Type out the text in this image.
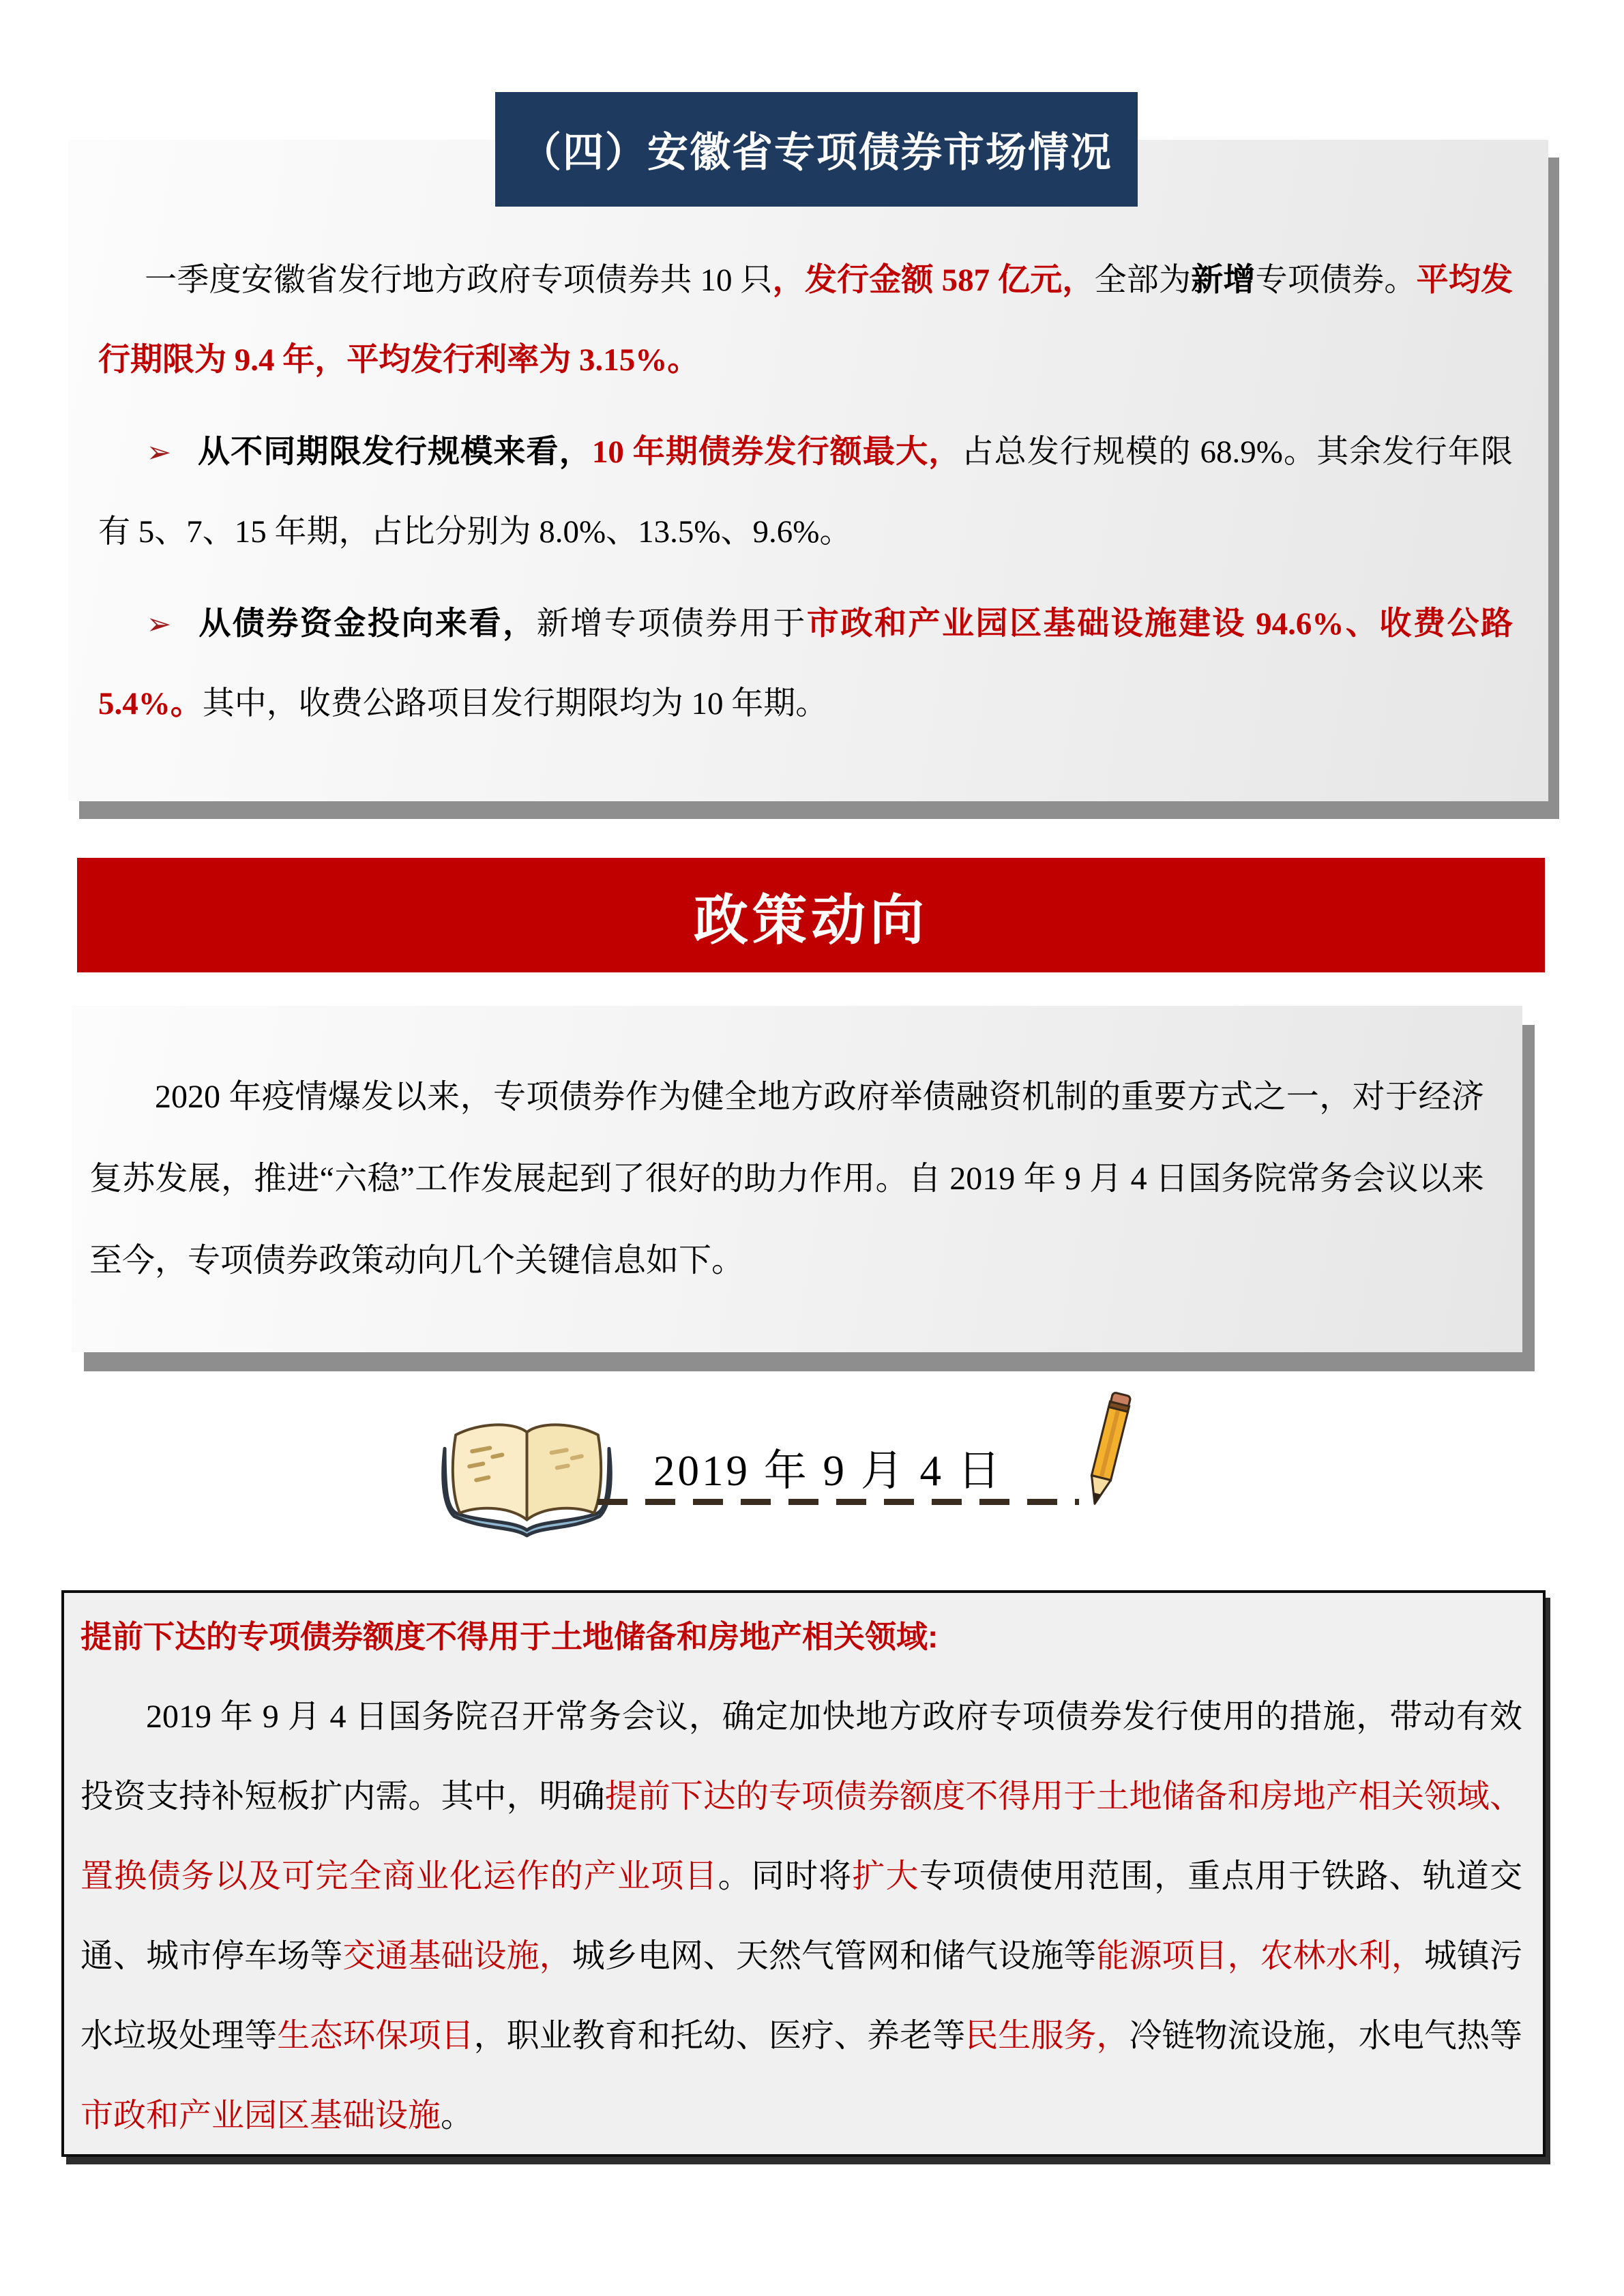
（四）安徽省专项债券市场情况

一季度安徽省发行地方政府专项债券共 10 只，发行金额 587 亿元，全部为新增专项债券。平均发行期限为 9.4 年，平均发行利率为 3.15%。

➢ 从不同期限发行规模来看，10 年期债券发行额最大，占总发行规模的 68.9%。其余发行年限有 5、7、15 年期，占比分别为 8.0%、13.5%、9.6%。

➢ 从债券资金投向来看，新增专项债券用于市政和产业园区基础设施建设 94.6%、收费公路 5.4%。其中，收费公路项目发行期限均为 10 年期。

政策动向

2020 年疫情爆发以来，专项债券作为健全地方政府举债融资机制的重要方式之一，对于经济复苏发展，推进“六稳”工作发展起到了很好的助力作用。自 2019 年 9 月 4 日国务院常务会议以来至今，专项债券政策动向几个关键信息如下。

2019 年 9 月 4 日

提前下达的专项债券额度不得用于土地储备和房地产相关领域:

2019 年 9 月 4 日国务院召开常务会议，确定加快地方政府专项债券发行使用的措施，带动有效投资支持补短板扩内需。其中，明确提前下达的专项债券额度不得用于土地储备和房地产相关领域、置换债务以及可完全商业化运作的产业项目。同时将扩大专项债使用范围，重点用于铁路、轨道交通、城市停车场等交通基础设施，城乡电网、天然气管网和储气设施等能源项目，农林水利，城镇污水垃圾处理等生态环保项目，职业教育和托幼、医疗、养老等民生服务，冷链物流设施，水电气热等市政和产业园区基础设施。
